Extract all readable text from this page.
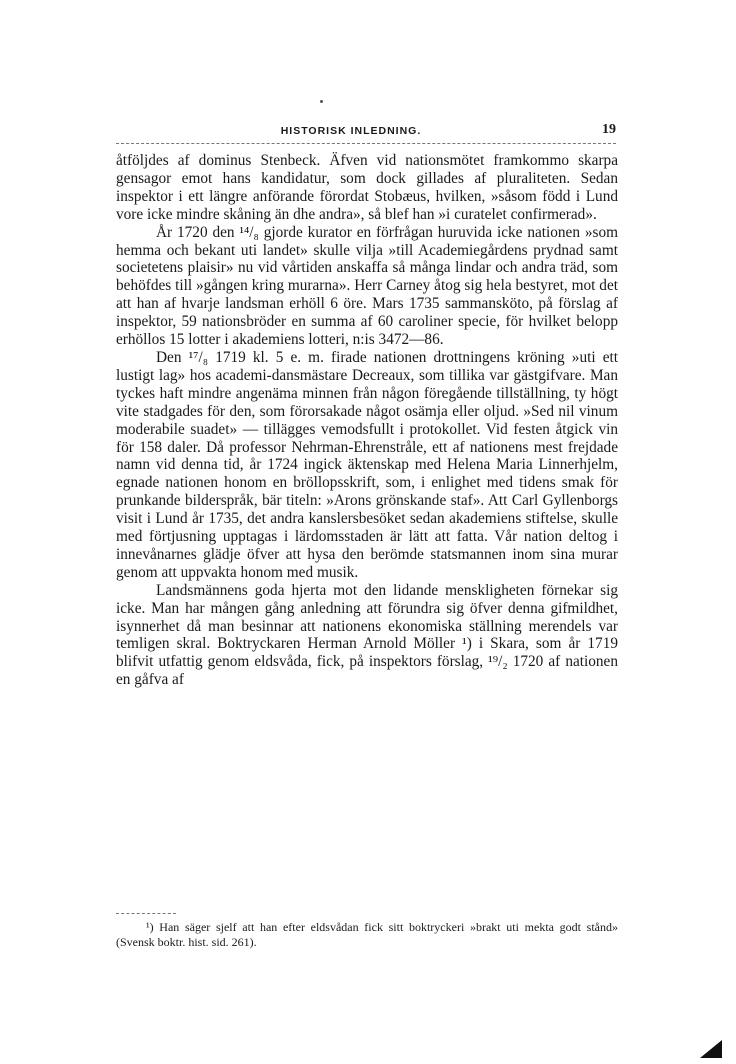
HISTORISK INLEDNING.	19

åtföljdes af dominus Stenbeck. Äfven vid nationsmötet framkommo skarpa gensagor emot hans kandidatur, som dock gillades af pluraliteten. Sedan inspektor i ett längre anförande förordat Stobæus, hvilken, »såsom född i Lund vore icke mindre skåning än dhe andra», så blef han »i curatelet confirmerad».

År 1720 den ¹⁴/₈ gjorde kurator en förfrågan huruvida icke nationen »som hemma och bekant uti landet» skulle vilja »till Academiegårdens prydnad samt societetens plaisir» nu vid vårtiden anskaffa så många lindar och andra träd, som behöfdes till »gången kring murarna». Herr Carney åtog sig hela bestyret, mot det att han af hvarje landsman erhöll 6 öre. Mars 1735 sammansköto, på förslag af inspektor, 59 nationsbröder en summa af 60 caroliner specie, för hvilket belopp erhöllos 15 lotter i akademiens lotteri, n:is 3472—86.

Den ¹⁷/₈ 1719 kl. 5 e. m. firade nationen drottningens kröning »uti ett lustigt lag» hos academi-dansmästare Decreaux, som tillika var gästgifvare. Man tyckes haft mindre angenäma minnen från någon föregående tillställning, ty högt vite stadgades för den, som förorsakade något osämja eller oljud. »Sed nil vinum moderabile suadet» — tillägges vemodsfullt i protokollet. Vid festen åtgick vin för 158 daler. Då professor Nehrman-Ehrenstråle, ett af nationens mest frejdade namn vid denna tid, år 1724 ingick äktenskap med Helena Maria Linnerhjelm, egnade nationen honom en bröllopsskrift, som, i enlighet med tidens smak för prunkande bilderspråk, bär titeln: »Arons grönskande staf». Att Carl Gyllenborgs visit i Lund år 1735, det andra kanslersbesöket sedan akademiens stiftelse, skulle med förtjusning upptagas i lärdomsstaden är lätt att fatta. Vår nation deltog i innevånarnes glädje öfver att hysa den berömde statsmannen inom sina murar genom att uppvakta honom med musik.

Landsmännens goda hjerta mot den lidande menskligheten förnekar sig icke. Man har mången gång anledning att förundra sig öfver denna gifmildhet, isynnerhet då man besinnar att nationens ekonomiska ställning merendels var temligen skral. Boktryckaren Herman Arnold Möller ¹) i Skara, som år 1719 blifvit utfattig genom eldsvåda, fick, på inspektors förslag, ¹⁹/₂ 1720 af nationen en gåfva af

¹) Han säger sjelf att han efter eldsvådan fick sitt boktryckeri »brakt uti mekta godt stånd» (Svensk boktr. hist. sid. 261).
